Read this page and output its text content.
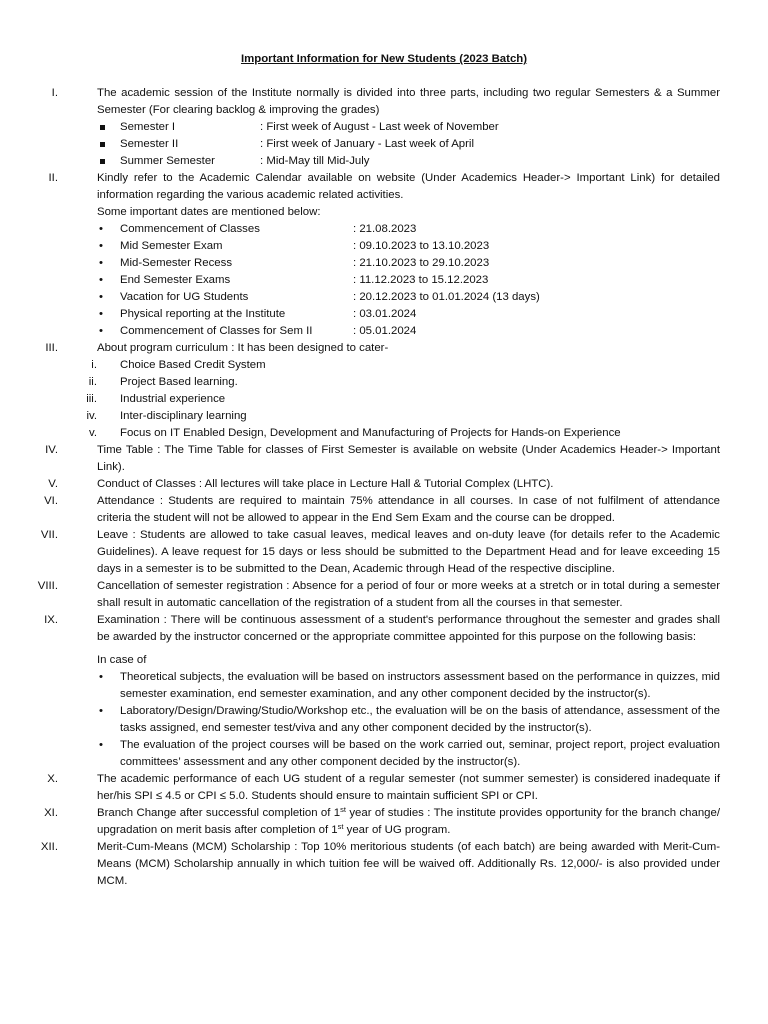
Important Information for New Students (2023 Batch)
I.	The academic session of the Institute normally is divided into three parts, including two regular Semesters & a Summer Semester (For clearing backlog & improving the grades)
Semester I	: First week of August - Last week of November
Semester II	: First week of January - Last week of April
Summer Semester	: Mid-May till Mid-July
II.	Kindly refer to the Academic Calendar available on website (Under Academics Header-> Important Link) for detailed information regarding the various academic related activities.
Some important dates are mentioned below:
• Commencement of Classes	: 21.08.2023
• Mid Semester Exam	: 09.10.2023 to 13.10.2023
• Mid-Semester Recess	: 21.10.2023 to 29.10.2023
• End Semester Exams	: 11.12.2023 to 15.12.2023
• Vacation for UG Students	: 20.12.2023 to 01.01.2024 (13 days)
• Physical reporting at the Institute	: 03.01.2024
• Commencement of Classes for Sem II	: 05.01.2024
III.	About program curriculum : It has been designed to cater-
i. Choice Based Credit System
ii. Project Based learning.
iii. Industrial experience
iv. Inter-disciplinary learning
v. Focus on IT Enabled Design, Development and Manufacturing of Projects for Hands-on Experience
IV.	Time Table : The Time Table for classes of First Semester is available on website (Under Academics Header-> Important Link).
V.	Conduct of Classes : All lectures will take place in Lecture Hall & Tutorial Complex (LHTC).
VI.	Attendance : Students are required to maintain 75% attendance in all courses. In case of not fulfilment of attendance criteria the student will not be allowed to appear in the End Sem Exam and the course can be dropped.
VII.	Leave : Students are allowed to take casual leaves, medical leaves and on-duty leave (for details refer to the Academic Guidelines). A leave request for 15 days or less should be submitted to the Department Head and for leave exceeding 15 days in a semester is to be submitted to the Dean, Academic through Head of the respective discipline.
VIII.	Cancellation of semester registration : Absence for a period of four or more weeks at a stretch or in total during a semester shall result in automatic cancellation of the registration of a student from all the courses in that semester.
IX.	Examination : There will be continuous assessment of a student's performance throughout the semester and grades shall be awarded by the instructor concerned or the appropriate committee appointed for this purpose on the following basis:
In case of
• Theoretical subjects, the evaluation will be based on instructors assessment based on the performance in quizzes, mid semester examination, end semester examination, and any other component decided by the instructor(s).
• Laboratory/Design/Drawing/Studio/Workshop etc., the evaluation will be on the basis of attendance, assessment of the tasks assigned, end semester test/viva and any other component decided by the instructor(s).
• The evaluation of the project courses will be based on the work carried out, seminar, project report, project evaluation committees’ assessment and any other component decided by the instructor(s).
X.	The academic performance of each UG student of a regular semester (not summer semester) is considered inadequate if her/his SPI ≤ 4.5 or CPI ≤ 5.0. Students should ensure to maintain sufficient SPI or CPI.
XI.	Branch Change after successful completion of 1st year of studies : The institute provides opportunity for the branch change/ upgradation on merit basis after completion of 1st year of UG program.
XII.	Merit-Cum-Means (MCM) Scholarship : Top 10% meritorious students (of each batch) are being awarded with Merit-Cum-Means (MCM) Scholarship annually in which tuition fee will be waived off. Additionally Rs. 12,000/- is also provided under MCM.
